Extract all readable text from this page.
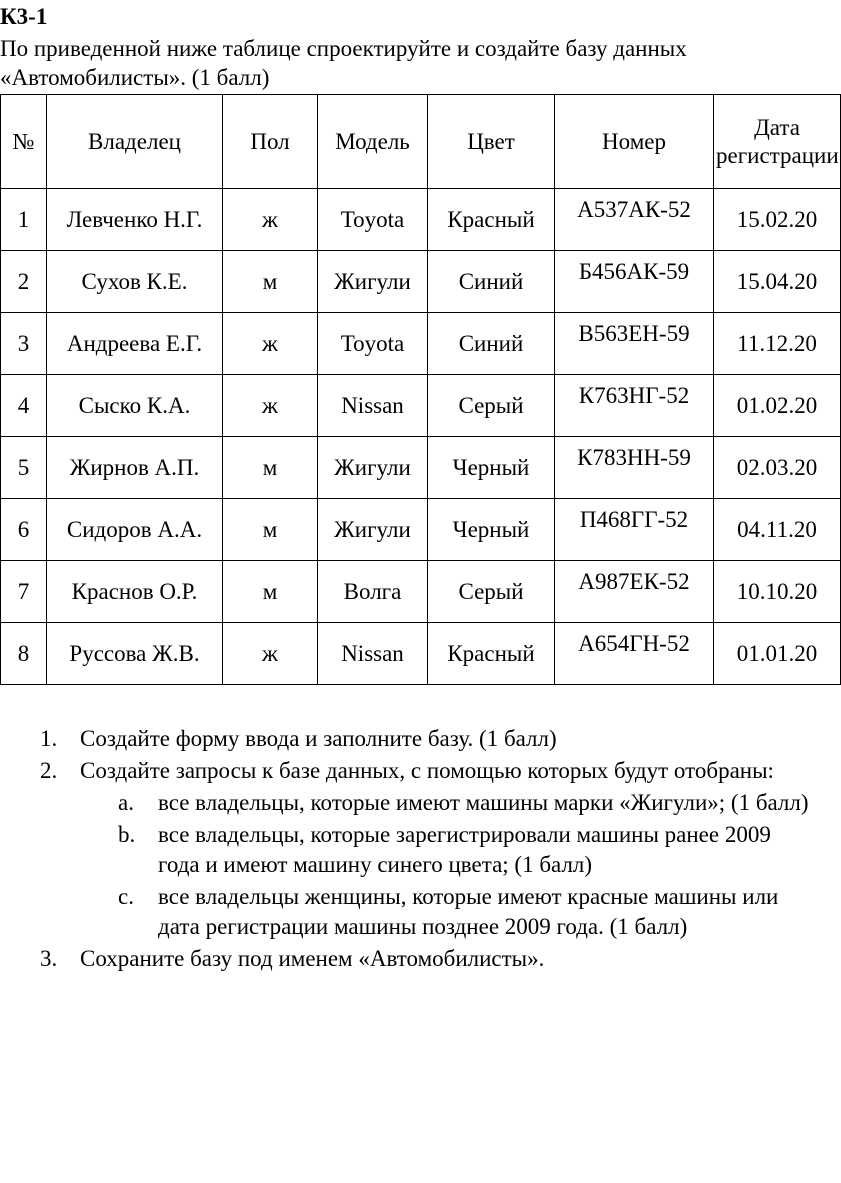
К3-1

По приведенной ниже таблице спроектируйте и создайте базу данных «Автомобилисты». (1 балл)

№	Владелец	Пол	Модель	Цвет	Номер	Дата регистрации
1	Левченко Н.Г.	ж	Toyota	Красный	А537АК-52	15.02.20
2	Сухов К.Е.	м	Жигули	Синий	Б456АК-59	15.04.20
3	Андреева Е.Г.	ж	Toyota	Синий	В563ЕН-59	11.12.20
4	Сыско К.А.	ж	Nissan	Серый	К763НГ-52	01.02.20
5	Жирнов А.П.	м	Жигули	Черный	К783НН-59	02.03.20
6	Сидоров А.А.	м	Жигули	Черный	П468ГГ-52	04.11.20
7	Краснов О.Р.	м	Волга	Серый	А987ЕК-52	10.10.20
8	Руссова Ж.В.	ж	Nissan	Красный	А654ГН-52	01.01.20
1. Создайте форму ввода и заполните базу. (1 балл)
2. Создайте запросы к базе данных, с помощью которых будут отобраны:
a. все владельцы, которые имеют машины марки «Жигули»; (1 балл)
b. все владельцы, которые зарегистрировали машины ранее 2009 года и имеют машину синего цвета; (1 балл)
c. все владельцы женщины, которые имеют красные машины или дата регистрации машины позднее 2009 года. (1 балл)
3. Сохраните базу под именем «Автомобилисты».
